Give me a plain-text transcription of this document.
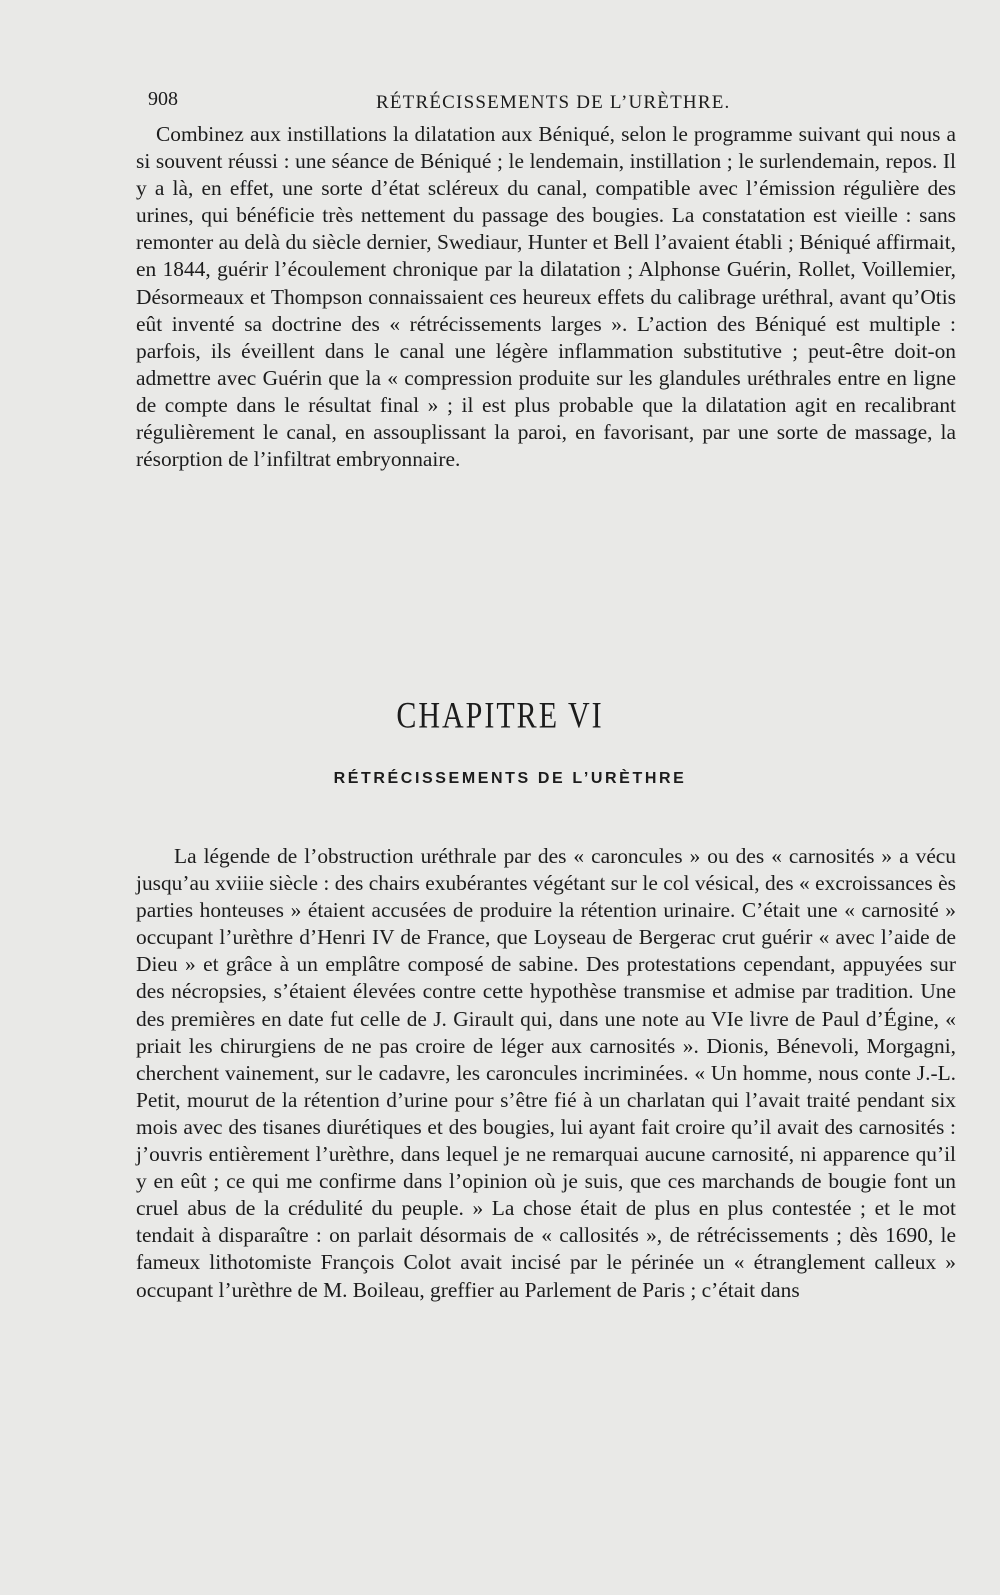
908	RÉTRÉCISSEMENTS DE L’URÈTHRE.

Combinez aux instillations la dilatation aux Béniqué, selon le programme suivant qui nous a si souvent réussi : une séance de Béniqué ; le lendemain, instillation ; le surlendemain, repos. Il y a là, en effet, une sorte d’état scléreux du canal, compatible avec l’émission régulière des urines, qui bénéficie très nettement du passage des bougies. La constatation est vieille : sans remonter au delà du siècle dernier, Swediaur, Hunter et Bell l’avaient établi ; Béniqué affirmait, en 1844, guérir l’écoulement chronique par la dilatation ; Alphonse Guérin, Rollet, Voillemier, Désormeaux et Thompson connaissaient ces heureux effets du calibrage uréthral, avant qu’Otis eût inventé sa doctrine des « rétrécissements larges ». L’action des Béniqué est multiple : parfois, ils éveillent dans le canal une légère inflammation substitutive ; peut-être doit-on admettre avec Guérin que la « compression produite sur les glandules uréthrales entre en ligne de compte dans le résultat final » ; il est plus probable que la dilatation agit en recalibrant régulièrement le canal, en assouplissant la paroi, en favorisant, par une sorte de massage, la résorption de l’infiltrat embryonnaire.

CHAPITRE VI
RÉTRÉCISSEMENTS DE L’URÈTHRE

La légende de l’obstruction uréthrale par des « caroncules » ou des « carnosités » a vécu jusqu’au xviiie siècle : des chairs exubérantes végétant sur le col vésical, des « excroissances ès parties honteuses » étaient accusées de produire la rétention urinaire. C’était une « carnosité » occupant l’urèthre d’Henri IV de France, que Loyseau de Bergerac crut guérir « avec l’aide de Dieu » et grâce à un emplâtre composé de sabine. Des protestations cependant, appuyées sur des nécropsies, s’étaient élevées contre cette hypothèse transmise et admise par tradition. Une des premières en date fut celle de J. Girault qui, dans une note au VIe livre de Paul d’Égine, « priait les chirurgiens de ne pas croire de léger aux carnosités ». Dionis, Bénevoli, Morgagni, cherchent vainement, sur le cadavre, les caroncules incriminées. « Un homme, nous conte J.-L. Petit, mourut de la rétention d’urine pour s’être fié à un charlatan qui l’avait traité pendant six mois avec des tisanes diurétiques et des bougies, lui ayant fait croire qu’il avait des carnosités : j’ouvris entièrement l’urèthre, dans lequel je ne remarquai aucune carnosité, ni apparence qu’il y en eût ; ce qui me confirme dans l’opinion où je suis, que ces marchands de bougie font un cruel abus de la crédulité du peuple. » La chose était de plus en plus contestée ; et le mot tendait à disparaître : on parlait désormais de « callosités », de rétrécissements ; dès 1690, le fameux lithotomiste François Colot avait incisé par le périnée un « étranglement calleux » occupant l’urèthre de M. Boileau, greffier au Parlement de Paris ; c’était dans
